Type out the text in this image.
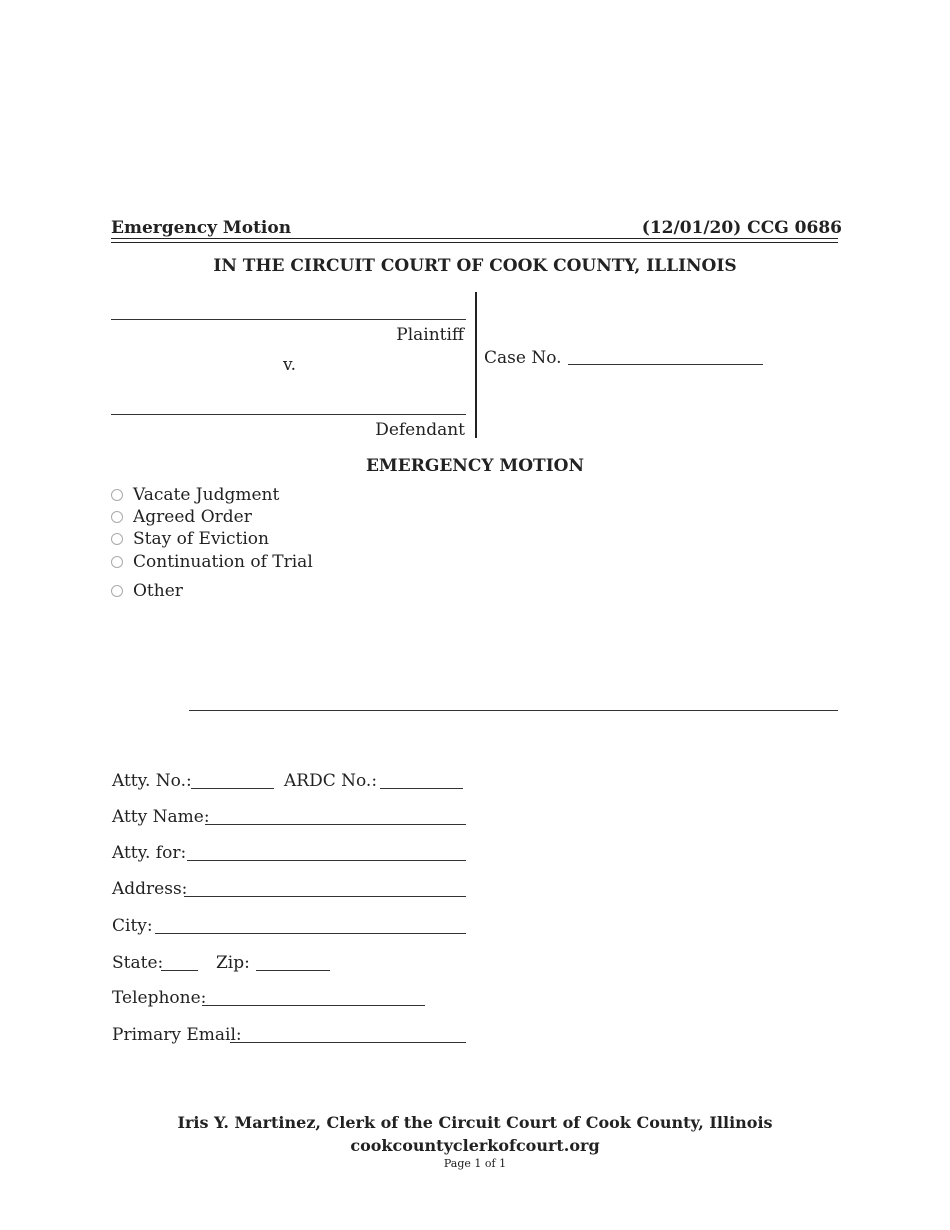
Emergency Motion	(12/01/20) CCG 0686
IN THE CIRCUIT COURT OF COOK COUNTY, ILLINOIS
Plaintiff
v.
Defendant
Case No.
EMERGENCY MOTION
Vacate Judgment
Agreed Order
Stay of Eviction
Continuation of Trial
Other
Atty. No.:	ARDC No.:
Atty Name:
Atty. for:
Address:
City:
State:	Zip:
Telephone:
Primary Email:
Iris Y. Martinez, Clerk of the Circuit Court of Cook County, Illinois
cookcountyclerkofcourt.org
Page 1 of 1
